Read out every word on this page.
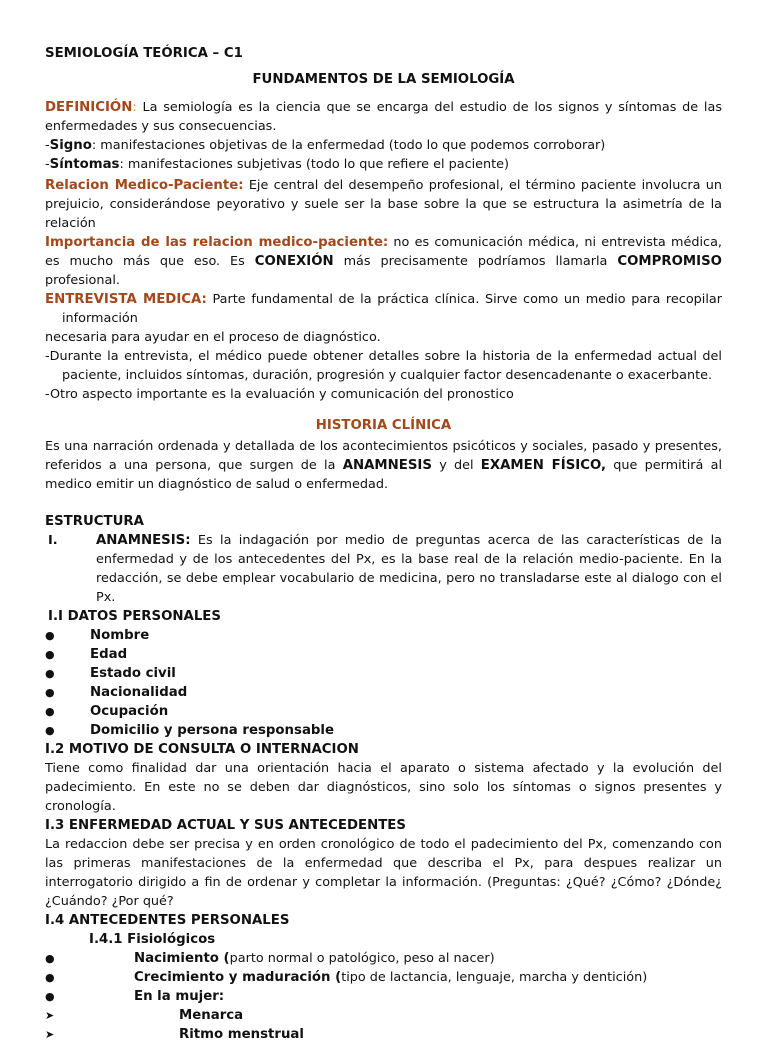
SEMIOLOGÍA TEÓRICA – C1

FUNDAMENTOS DE LA SEMIOLOGÍA

DEFINICIÓN: La semiología es la ciencia que se encarga del estudio de los signos y síntomas de las enfermedades y sus consecuencias.

-Signo: manifestaciones objetivas de la enfermedad (todo lo que podemos corroborar)

-Síntomas: manifestaciones subjetivas (todo lo que refiere el paciente)

Relacion Medico-Paciente: Eje central del desempeño profesional, el término paciente involucra un prejuicio, considerándose peyorativo y suele ser la base sobre la que se estructura la asimetría de la relación

Importancia de las relacion medico-paciente: no es comunicación médica, ni entrevista médica, es mucho más que eso. Es CONEXIÓN más precisamente podríamos llamarla COMPROMISO profesional.

ENTREVISTA MEDICA: Parte fundamental de la práctica clínica. Sirve como un medio para recopilar información

necesaria para ayudar en el proceso de diagnóstico.

-Durante la entrevista, el médico puede obtener detalles sobre la historia de la enfermedad actual del paciente, incluidos síntomas, duración, progresión y cualquier factor desencadenante o exacerbante.

-Otro aspecto importante es la evaluación y comunicación del pronostico

HISTORIA CLÍNICA

Es una narración ordenada y detallada de los acontecimientos psicóticos y sociales, pasado y presentes, referidos a una persona, que surgen de la ANAMNESIS y del EXAMEN FÍSICO, que permitirá al medico emitir un diagnóstico de salud o enfermedad.

ESTRUCTURA

I.	ANAMNESIS: Es la indagación por medio de preguntas acerca de las características de la enfermedad y de los antecedentes del Px, es la base real de la relación medio-paciente. En la redacción, se debe emplear vocabulario de medicina, pero no transladarse este al dialogo con el Px.

I.I DATOS PERSONALES

●	Nombre
●	Edad
●	Estado civil
●	Nacionalidad
●	Ocupación
●	Domicilio y persona responsable

I.2 MOTIVO DE CONSULTA O INTERNACION

Tiene como finalidad dar una orientación hacia el aparato o sistema afectado y la evolución del padecimiento. En este no se deben dar diagnósticos, sino solo los síntomas o signos presentes y cronología.

I.3 ENFERMEDAD ACTUAL Y SUS ANTECEDENTES

La redaccion debe ser precisa y en orden cronológico de todo el padecimiento del Px, comenzando con las primeras manifestaciones de la enfermedad que describa el Px, para despues realizar un interrogatorio dirigido a fin de ordenar y completar la información. (Preguntas: ¿Qué? ¿Cómo? ¿Dónde¿ ¿Cuándo? ¿Por qué?

I.4 ANTECEDENTES PERSONALES

I.4.1 Fisiológicos

●	Nacimiento (parto normal o patológico, peso al nacer)
●	Crecimiento y maduración (tipo de lactancia, lenguaje, marcha y dentición)
●	En la mujer:
➤	Menarca
➤	Ritmo menstrual
